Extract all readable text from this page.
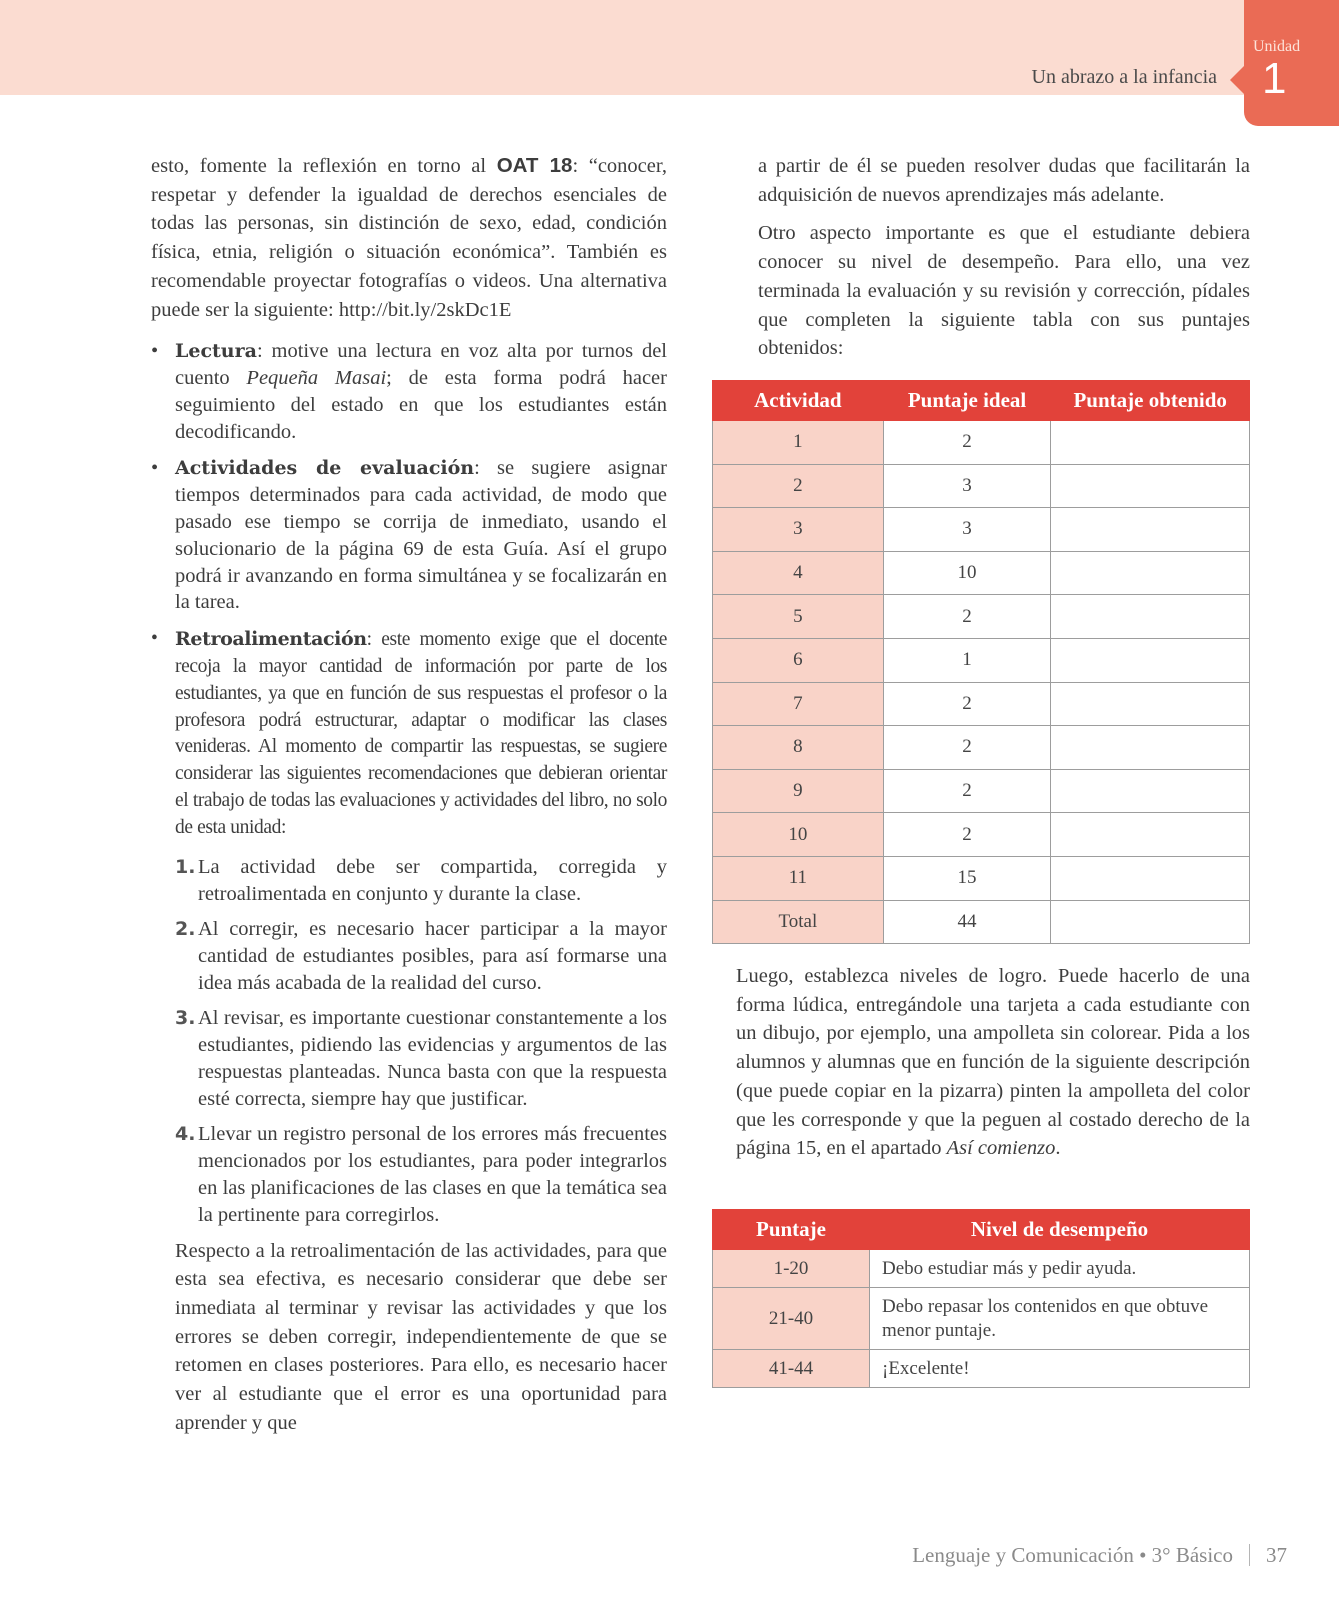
Un abrazo a la infancia
Unidad
1

esto, fomente la reflexión en torno al OAT 18: “conocer, respetar y defender la igualdad de derechos esenciales de todas las personas, sin distinción de sexo, edad, condición física, etnia, religión o situación económica”. También es recomendable proyectar fotografías o videos. Una alternativa puede ser la siguiente: http://bit.ly/2skDc1E

• Lectura: motive una lectura en voz alta por turnos del cuento Pequeña Masai; de esta forma podrá hacer seguimiento del estado en que los estudiantes están decodificando.
• Actividades de evaluación: se sugiere asignar tiempos determinados para cada actividad, de modo que pasado ese tiempo se corrija de inmediato, usando el solucionario de la página 69 de esta Guía. Así el grupo podrá ir avanzando en forma simultánea y se focalizarán en la tarea.
• Retroalimentación: este momento exige que el docente recoja la mayor cantidad de información por parte de los estudiantes, ya que en función de sus respuestas el profesor o la profesora podrá estructurar, adaptar o modificar las clases venideras. Al momento de compartir las respuestas, se sugiere considerar las siguientes recomendaciones que debieran orientar el trabajo de todas las evaluaciones y actividades del libro, no solo de esta unidad:
1. La actividad debe ser compartida, corregida y retroalimentada en conjunto y durante la clase.
2. Al corregir, es necesario hacer participar a la mayor cantidad de estudiantes posibles, para así formarse una idea más acabada de la realidad del curso.
3. Al revisar, es importante cuestionar constantemente a los estudiantes, pidiendo las evidencias y argumentos de las respuestas planteadas. Nunca basta con que la respuesta esté correcta, siempre hay que justificar.
4. Llevar un registro personal de los errores más frecuentes mencionados por los estudiantes, para poder integrarlos en las planificaciones de las clases en que la temática sea la pertinente para corregirlos.

Respecto a la retroalimentación de las actividades, para que esta sea efectiva, es necesario considerar que debe ser inmediata al terminar y revisar las actividades y que los errores se deben corregir, independientemente de que se retomen en clases posteriores. Para ello, es necesario hacer ver al estudiante que el error es una oportunidad para aprender y que

a partir de él se pueden resolver dudas que facilitarán la adquisición de nuevos aprendizajes más adelante.

Otro aspecto importante es que el estudiante debiera conocer su nivel de desempeño. Para ello, una vez terminada la evaluación y su revisión y corrección, pídales que completen la siguiente tabla con sus puntajes obtenidos:

Actividad	Puntaje ideal	Puntaje obtenido
1	2	
2	3	
3	3	
4	10	
5	2	
6	1	
7	2	
8	2	
9	2	
10	2	
11	15	
Total	44	

Luego, establezca niveles de logro. Puede hacerlo de una forma lúdica, entregándole una tarjeta a cada estudiante con un dibujo, por ejemplo, una ampolleta sin colorear. Pida a los alumnos y alumnas que en función de la siguiente descripción (que puede copiar en la pizarra) pinten la ampolleta del color que les corresponde y que la peguen al costado derecho de la página 15, en el apartado Así comienzo.

Puntaje	Nivel de desempeño
1-20	Debo estudiar más y pedir ayuda.
21-40	Debo repasar los contenidos en que obtuve menor puntaje.
41-44	¡Excelente!
Lenguaje y Comunicación • 3° Básico 37
